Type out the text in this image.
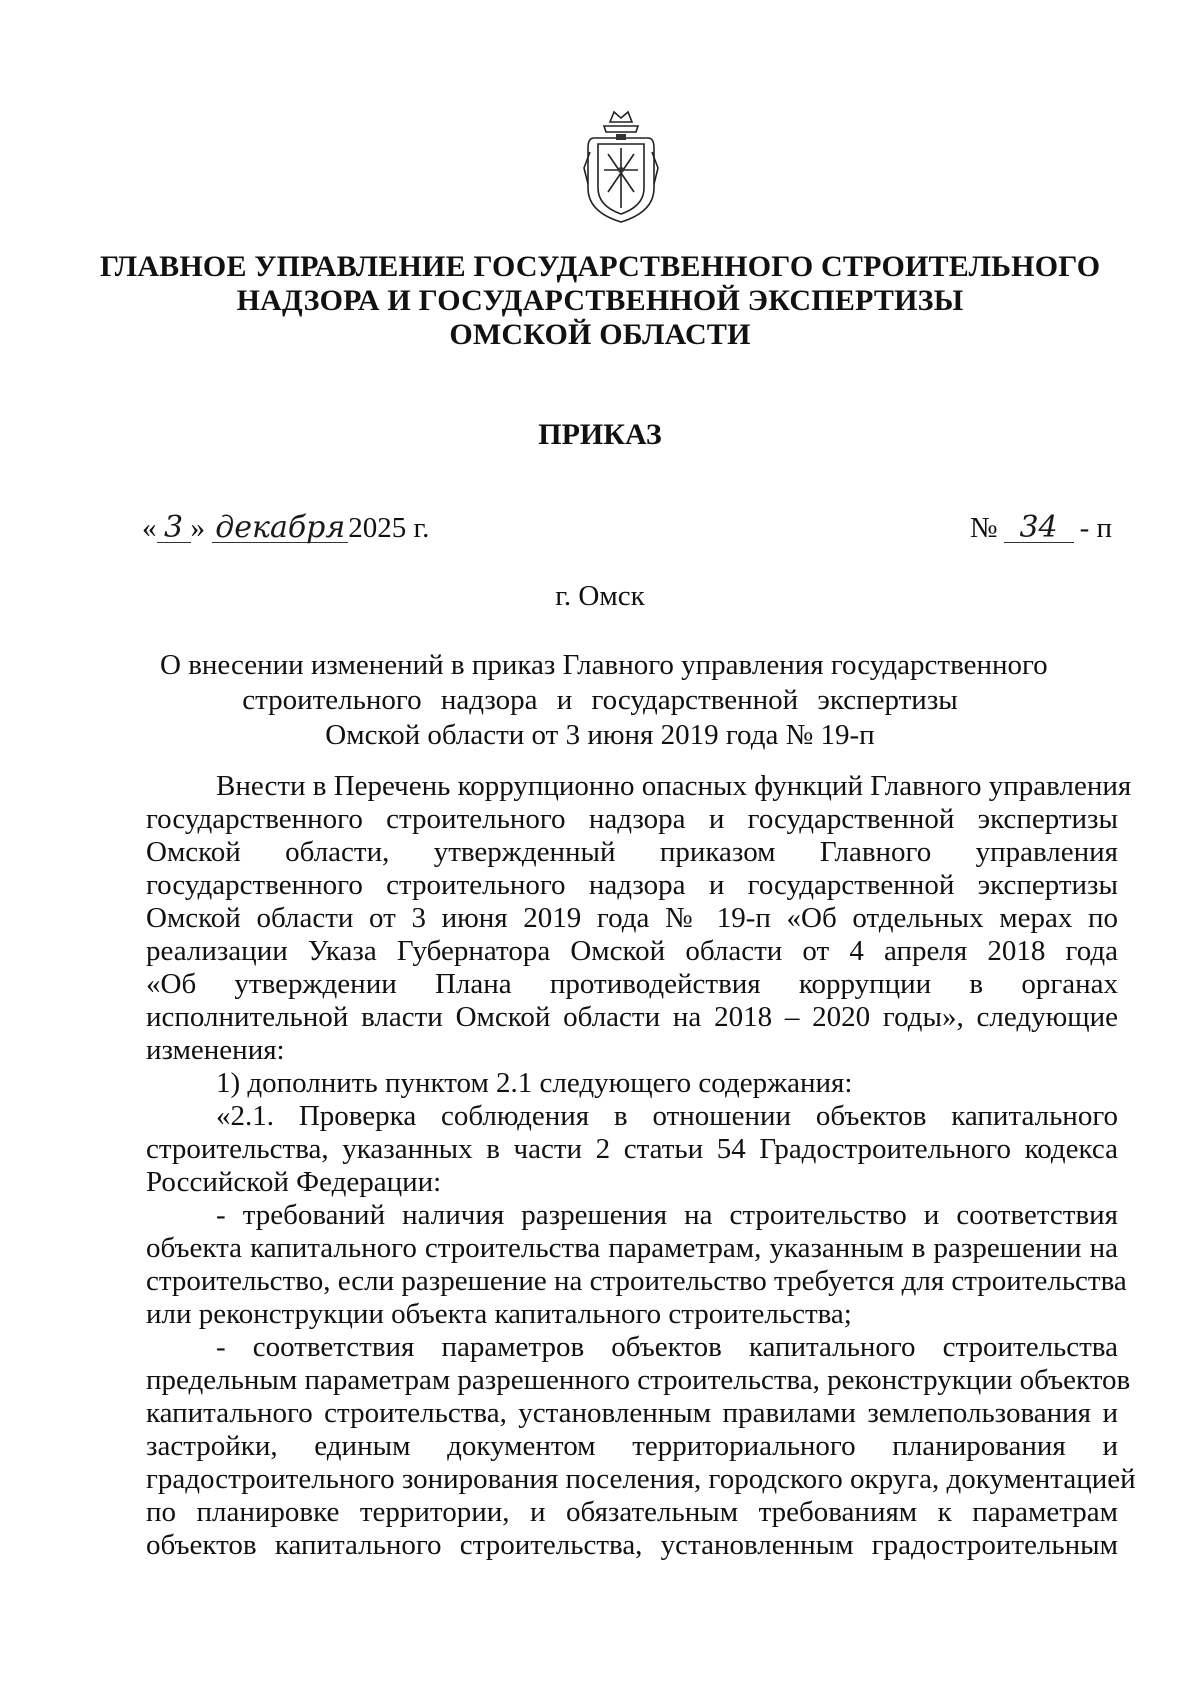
ГЛАВНОЕ УПРАВЛЕНИЕ ГОСУДАРСТВЕННОГО СТРОИТЕЛЬНОГО
НАДЗОРА И ГОСУДАРСТВЕННОЙ ЭКСПЕРТИЗЫ
ОМСКОЙ ОБЛАСТИ
ПРИКАЗ
« 3 » декабря 2025 г.	№ 34 - п
г. Омск
О внесении изменений в приказ Главного управления государственного
строительного надзора и государственной экспертизы
Омской области от 3 июня 2019 года № 19-п
Внести в Перечень коррупционно опасных функций Главного управления
государственного строительного надзора и государственной экспертизы
Омской области, утвержденный приказом Главного управления
государственного строительного надзора и государственной экспертизы
Омской области от 3 июня 2019 года № 19-п «Об отдельных мерах по
реализации Указа Губернатора Омской области от 4 апреля 2018 года
«Об утверждении Плана противодействия коррупции в органах
исполнительной власти Омской области на 2018 – 2020 годы», следующие
изменения:
1) дополнить пунктом 2.1 следующего содержания:
«2.1. Проверка соблюдения в отношении объектов капитального
строительства, указанных в части 2 статьи 54 Градостроительного кодекса
Российской Федерации:
- требований наличия разрешения на строительство и соответствия
объекта капитального строительства параметрам, указанным в разрешении на
строительство, если разрешение на строительство требуется для строительства
или реконструкции объекта капитального строительства;
- соответствия параметров объектов капитального строительства
предельным параметрам разрешенного строительства, реконструкции объектов
капитального строительства, установленным правилами землепользования и
застройки, единым документом территориального планирования и
градостроительного зонирования поселения, городского округа, документацией
по планировке территории, и обязательным требованиям к параметрам
объектов капитального строительства, установленным градостроительным
